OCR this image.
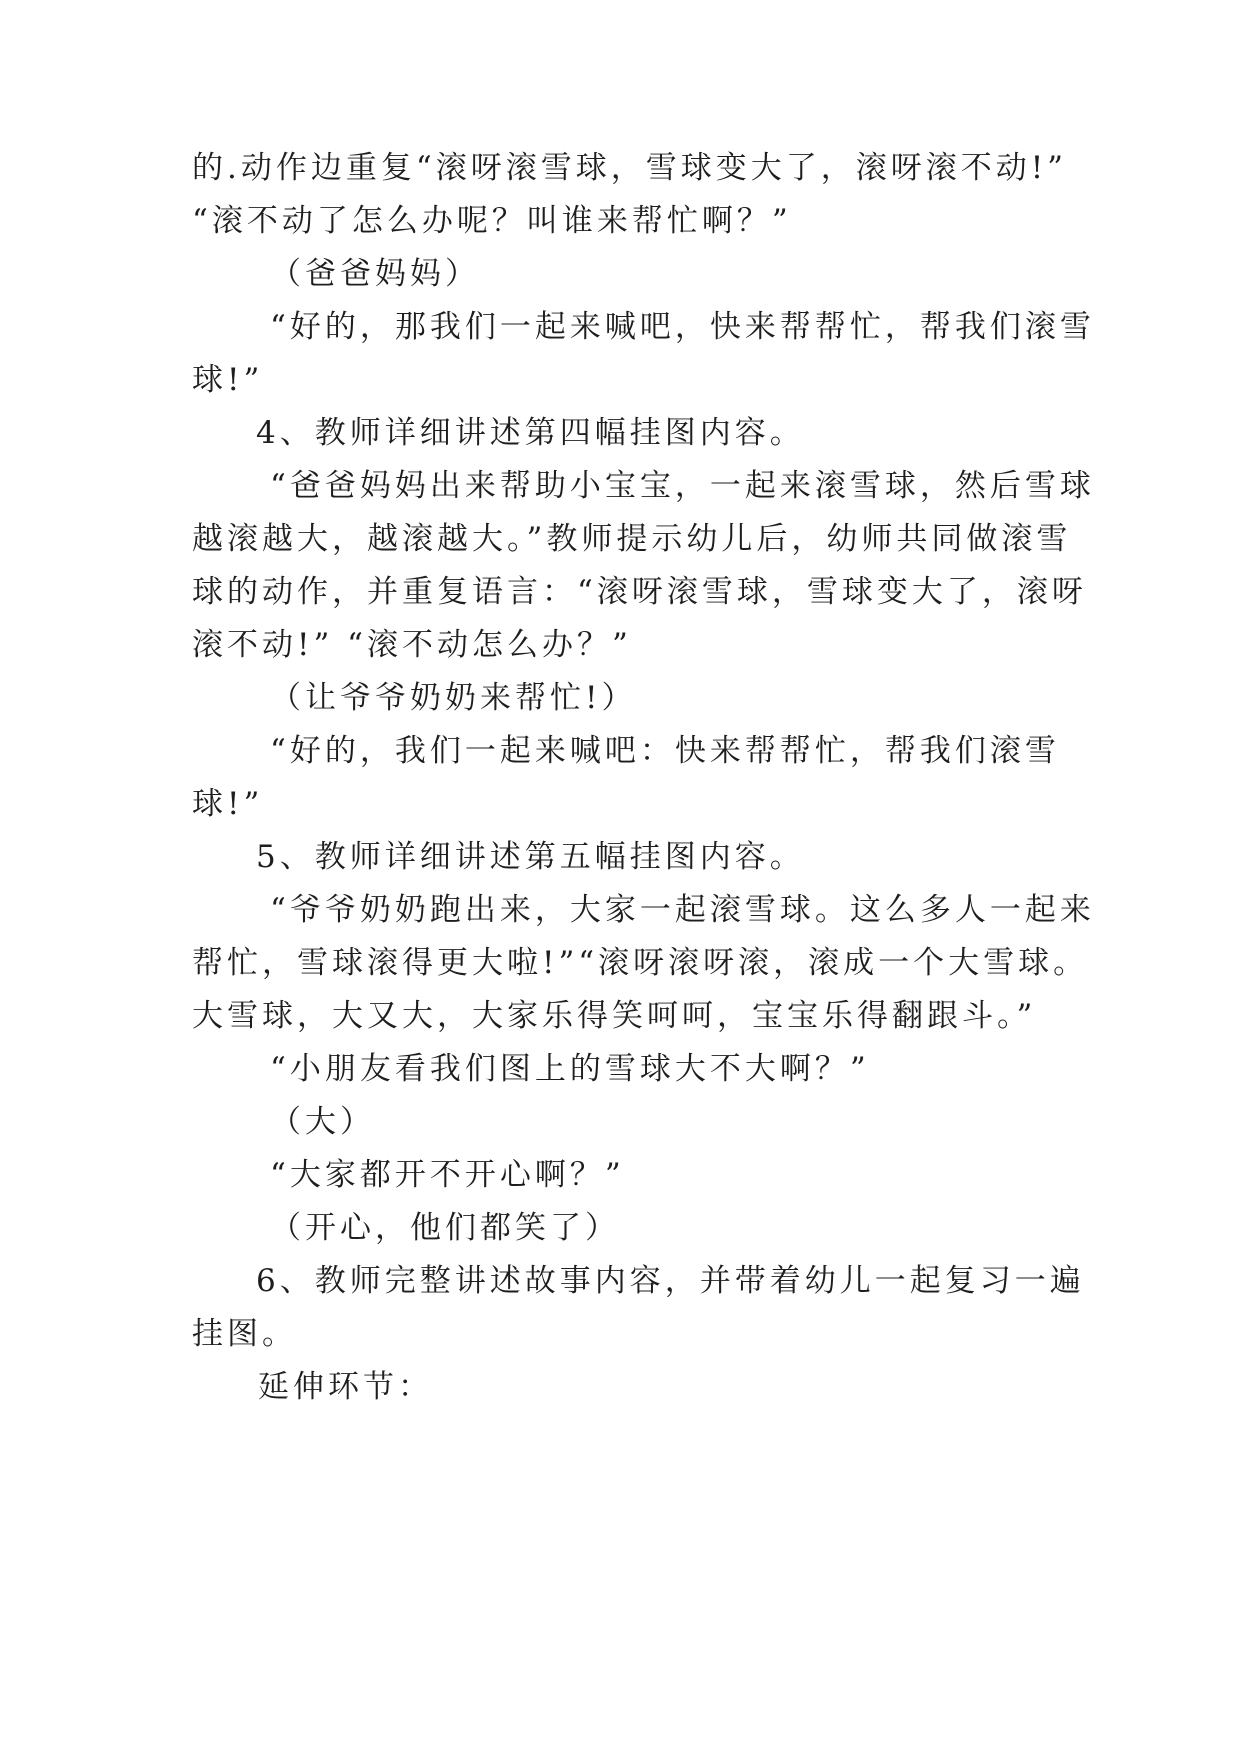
的.动作边重复“滚呀滚雪球，雪球变大了，滚呀滚不动!”
“滚不动了怎么办呢？叫谁来帮忙啊？”
（爸爸妈妈）
“好的，那我们一起来喊吧，快来帮帮忙，帮我们滚雪
球!”
4、教师详细讲述第四幅挂图内容。
“爸爸妈妈出来帮助小宝宝，一起来滚雪球，然后雪球
越滚越大，越滚越大。”教师提示幼儿后，幼师共同做滚雪
球的动作，并重复语言：“滚呀滚雪球，雪球变大了，滚呀
滚不动!” “滚不动怎么办？”
（让爷爷奶奶来帮忙!）
“好的，我们一起来喊吧：快来帮帮忙，帮我们滚雪
球!”
5、教师详细讲述第五幅挂图内容。
“爷爷奶奶跑出来，大家一起滚雪球。这么多人一起来
帮忙，雪球滚得更大啦!”“滚呀滚呀滚，滚成一个大雪球。
大雪球，大又大，大家乐得笑呵呵，宝宝乐得翻跟斗。”
“小朋友看我们图上的雪球大不大啊？”
（大）
“大家都开不开心啊？”
（开心，他们都笑了）
6、教师完整讲述故事内容，并带着幼儿一起复习一遍
挂图。
延伸环节：
